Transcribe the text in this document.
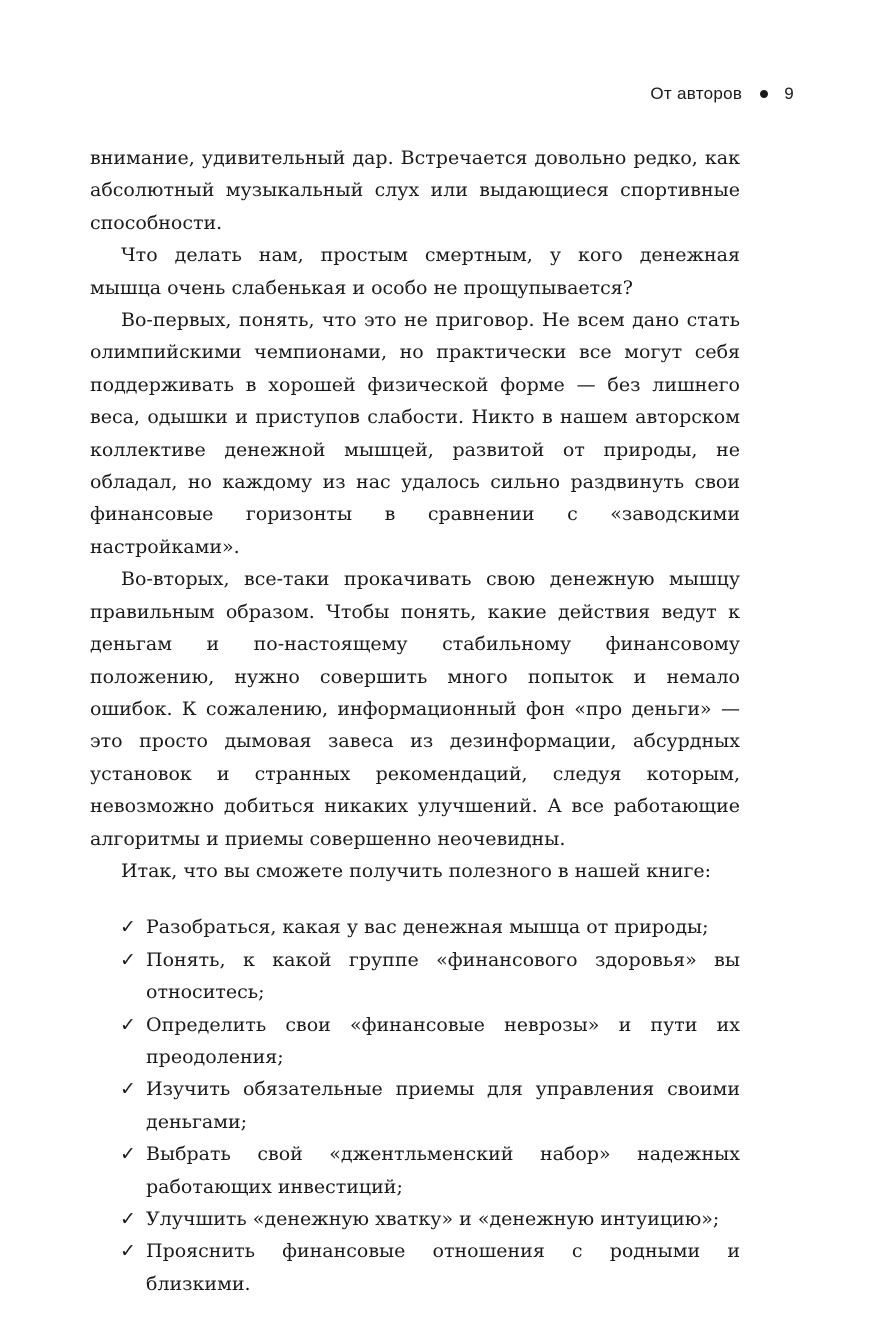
От авторов 9

внимание, удивительный дар. Встречается довольно редко, как абсолютный музыкальный слух или выдающиеся спортивные способности.

Что делать нам, простым смертным, у кого денежная мышца очень слабенькая и особо не прощупывается?

Во-первых, понять, что это не приговор. Не всем дано стать олимпийскими чемпионами, но практически все могут себя поддерживать в хорошей физической форме — без лишнего веса, одышки и приступов слабости. Никто в нашем авторском коллективе денежной мышцей, развитой от природы, не обладал, но каждому из нас удалось сильно раздвинуть свои финансовые горизонты в сравнении с «заводскими настройками».

Во-вторых, все-таки прокачивать свою денежную мышцу правильным образом. Чтобы понять, какие действия ведут к деньгам и по-настоящему стабильному финансовому положению, нужно совершить много попыток и немало ошибок. К сожалению, информационный фон «про деньги» — это просто дымовая завеса из дезинформации, абсурдных установок и странных рекомендаций, следуя которым, невозможно добиться никаких улучшений. А все работающие алгоритмы и приемы совершенно неочевидны.

Итак, что вы сможете получить полезного в нашей книге:

✓ Разобраться, какая у вас денежная мышца от природы;
✓ Понять, к какой группе «финансового здоровья» вы относитесь;
✓ Определить свои «финансовые неврозы» и пути их преодоления;
✓ Изучить обязательные приемы для управления своими деньгами;
✓ Выбрать свой «джентльменский набор» надежных работающих инвестиций;
✓ Улучшить «денежную хватку» и «денежную интуицию»;
✓ Прояснить финансовые отношения с родными и близкими.
